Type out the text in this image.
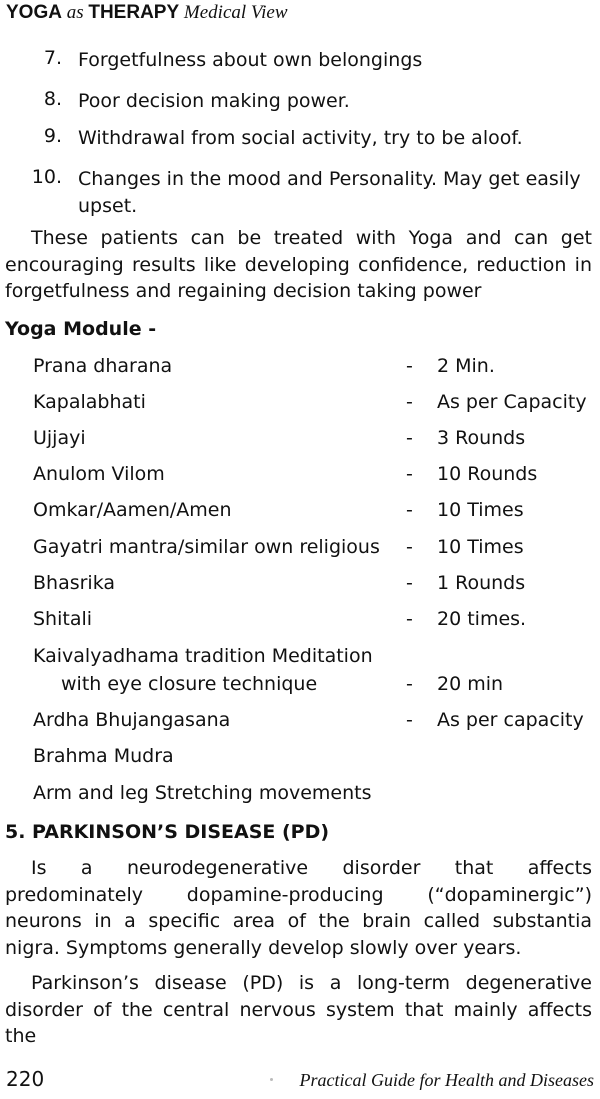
YOGA as THERAPY Medical View
7. Forgetfulness about own belongings
8. Poor decision making power.
9. Withdrawal from social activity, try to be aloof.
10. Changes in the mood and Personality. May get easily upset.
These patients can be treated with Yoga and can get encouraging results like developing confidence, reduction in forgetfulness and regaining decision taking power
Yoga Module -
Prana dharana	- 2 Min.
Kapalabhati	- As per Capacity
Ujjayi	- 3 Rounds
Anulom Vilom	- 10 Rounds
Omkar/Aamen/Amen	- 10 Times
Gayatri mantra/similar own religious - 10 Times
Bhasrika	- 1 Rounds
Shitali	- 20 times.
Kaivalyadhama tradition Meditation
with eye closure technique	- 20 min
Ardha Bhujangasana	- As per capacity
Brahma Mudra
Arm and leg Stretching movements
5. PARKINSON’S DISEASE (PD)
Is a neurodegenerative disorder that affects predominately dopamine-producing (“dopaminergic”) neurons in a specific area of the brain called substantia nigra. Symptoms generally develop slowly over years.
Parkinson’s disease (PD) is a long-term degenerative disorder of the central nervous system that mainly affects the
220	Practical Guide for Health and Diseases
